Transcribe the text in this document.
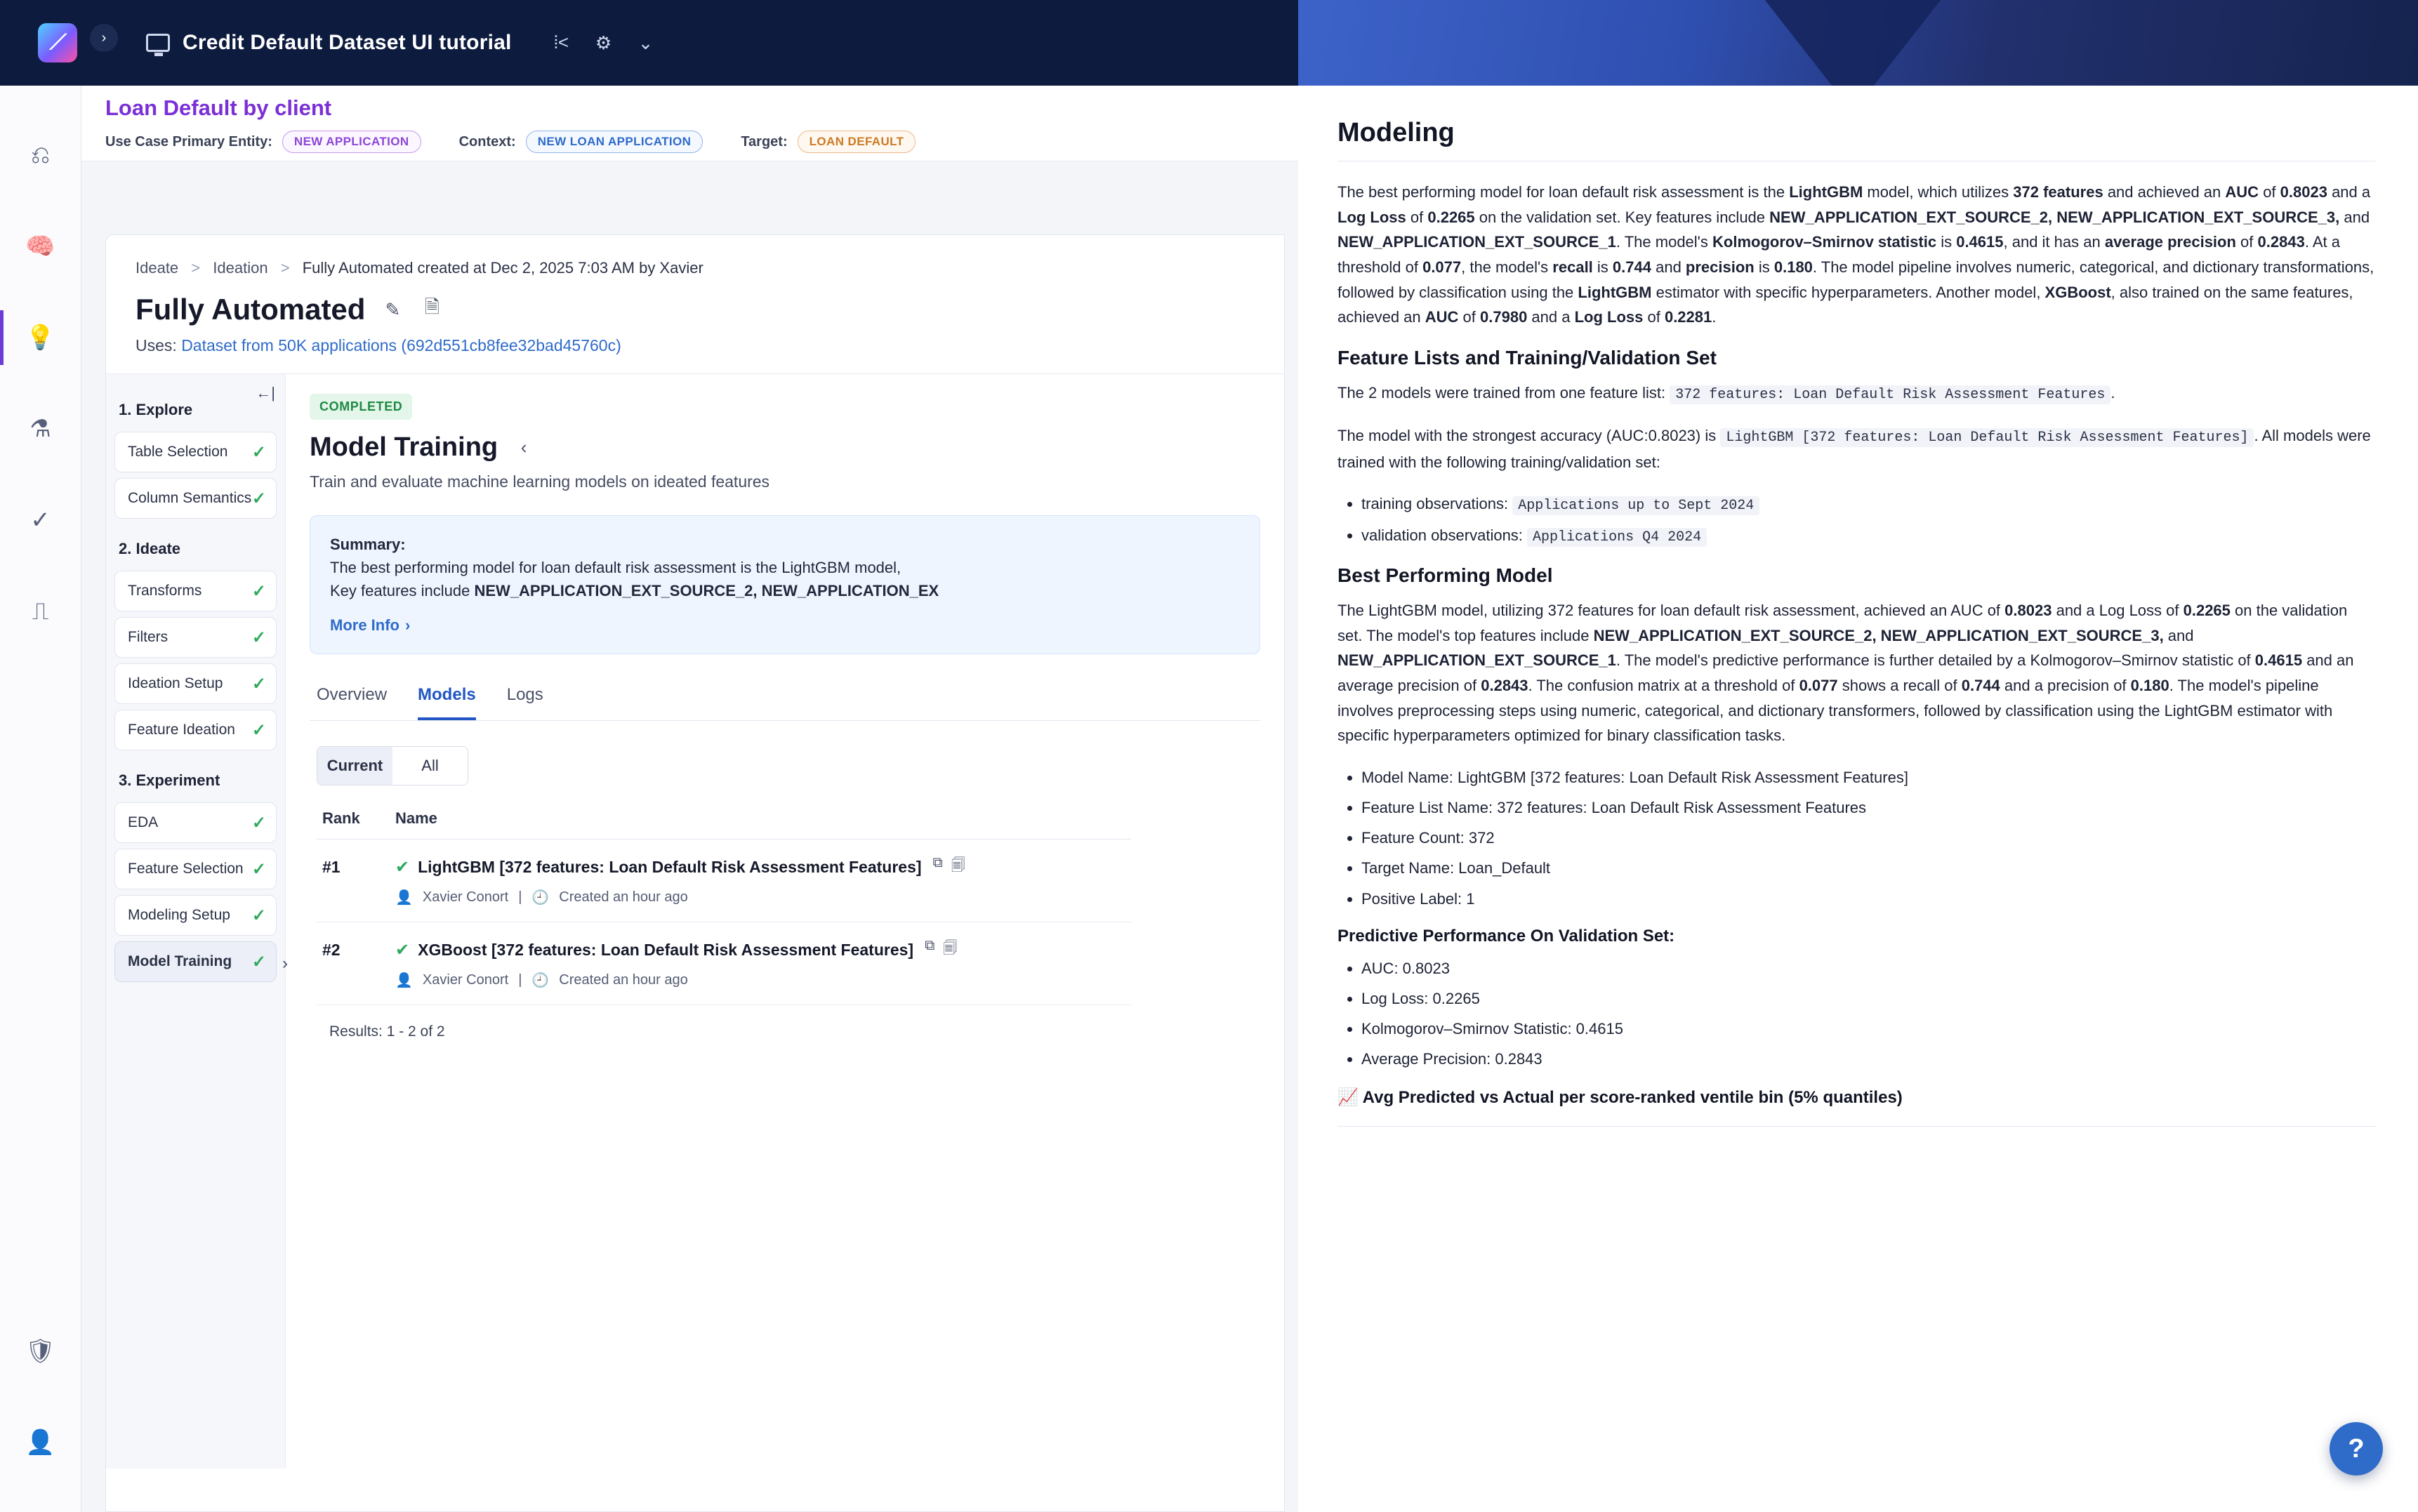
⟋	›	Credit Default Dataset UI tutorial ⦙< ⚙ ⌄
⎌
🧠
💡
⚗
✓
⎍
🛡
👤
Loan Default by client
Use Case Primary Entity:	NEW APPLICATION	Context:	NEW LOAN APPLICATION	Target:	LOAN DEFAULT
Ideate > Ideation > Fully Automated created at Dec 2, 2025 7:03 AM by Xavier
Fully Automated ✎ 🗎
Uses: Dataset from 50K applications (692d551cb8fee32bad45760c)
←|
1. Explore
Table Selection ✓
Column Semantics ✓
2. Ideate
Transforms	✓
Filters	✓
Ideation Setup ✓
Feature Ideation ✓
3. Experiment
EDA	✓
Feature Selection ✓
Modeling Setup ✓
Model Training ✓ ›
COMPLETED
Model Training	‹
Train and evaluate machine learning models on ideated features
Summary:
The best performing model for loan default risk assessment is the LightGBM model,
Key features include NEW_APPLICATION_EXT_SOURCE_2, NEW_APPLICATION_EX
More Info ›
Overview Models Logs
Current	All
Rank	Name
#1	✔ LightGBM [372 features: Loan Default Risk Assessment Features] ⧉ 🗐
👤 Xavier Conort | 🕘 Created an hour ago
#2	✔ XGBoost [372 features: Loan Default Risk Assessment Features] ⧉ 🗐
👤 Xavier Conort | 🕘 Created an hour ago
Results: 1 - 2 of 2
Modeling

The best performing model for loan default risk assessment is the LightGBM model, which utilizes 372 features and achieved an AUC of 0.8023 and a Log Loss of 0.2265 on the validation set. Key features include NEW_APPLICATION_EXT_SOURCE_2, NEW_APPLICATION_EXT_SOURCE_3, and NEW_APPLICATION_EXT_SOURCE_1. The model's Kolmogorov–Smirnov statistic is 0.4615, and it has an average precision of 0.2843. At a threshold of 0.077, the model's recall is 0.744 and precision is 0.180. The model pipeline involves numeric, categorical, and dictionary transformations, followed by classification using the LightGBM estimator with specific hyperparameters. Another model, XGBoost, also trained on the same features, achieved an AUC of 0.7980 and a Log Loss of 0.2281.

Feature Lists and Training/Validation Set

The 2 models were trained from one feature list: 372 features: Loan Default Risk Assessment Features .

The model with the strongest accuracy (AUC:0.8023) is LightGBM [372 features: Loan Default Risk Assessment Features] . All models were trained with the following training/validation set:

• training observations: Applications up to Sept 2024
• validation observations: Applications Q4 2024
Best Performing Model

The LightGBM model, utilizing 372 features for loan default risk assessment, achieved an AUC of 0.8023 and a Log Loss of 0.2265 on the validation set. The model's top features include NEW_APPLICATION_EXT_SOURCE_2, NEW_APPLICATION_EXT_SOURCE_3, and NEW_APPLICATION_EXT_SOURCE_1. The model's predictive performance is further detailed by a Kolmogorov–Smirnov statistic of 0.4615 and an average precision of 0.2843. The confusion matrix at a threshold of 0.077 shows a recall of 0.744 and a precision of 0.180. The model's pipeline involves preprocessing steps using numeric, categorical, and dictionary transformers, followed by classification using the LightGBM estimator with specific hyperparameters optimized for binary classification tasks.

• Model Name: LightGBM [372 features: Loan Default Risk Assessment Features]
• Feature List Name: 372 features: Loan Default Risk Assessment Features
• Feature Count: 372
• Target Name: Loan_Default
• Positive Label: 1
Predictive Performance On Validation Set:
• AUC: 0.8023
• Log Loss: 0.2265
• Kolmogorov–Smirnov Statistic: 0.4615
• Average Precision: 0.2843
📈 Avg Predicted vs Actual per score-ranked ventile bin (5% quantiles)
?
